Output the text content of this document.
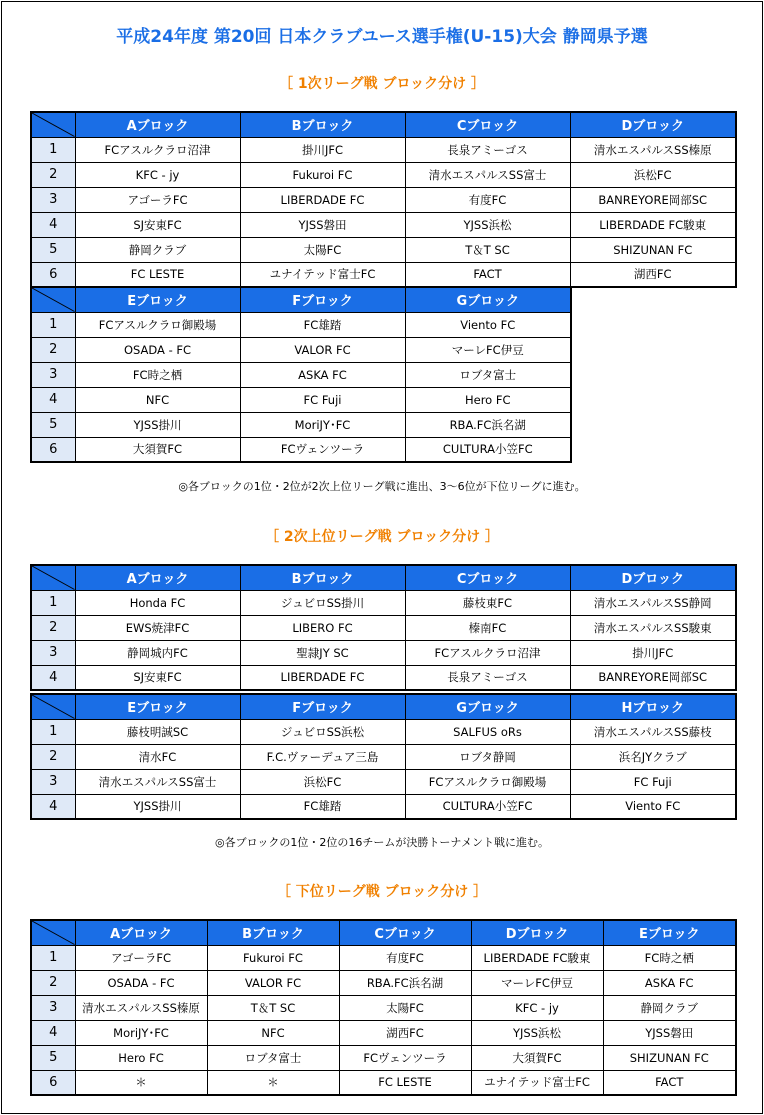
平成24年度 第20回 日本クラブユース選手権(U-15)大会 静岡県予選
［ 1次リーグ戦 ブロック分け ］
	Aブロック	Bブロック	Cブロック	Dブロック
1	FCアスルクラロ沼津	掛川JFC	長泉アミーゴス	清水エスパルスSS榛原
2	KFC - jy	Fukuroi FC	清水エスパルスSS富士	浜松FC
3	アゴーラFC	LIBERDADE FC	有度FC	BANREYORE岡部SC
4	SJ安東FC	YJSS磐田	YJSS浜松	LIBERDADE FC駿東
5	静岡クラブ	太陽FC	T＆T SC	SHIZUNAN FC
6	FC LESTE	ユナイテッド富士FC	FACT	湖西FC
	Eブロック	Fブロック	Gブロック
1	FCアスルクラロ御殿場	FC雄踏	Viento FC
2	OSADA - FC	VALOR FC	マーレFC伊豆
3	FC時之栖	ASKA FC	ロブタ富士
4	NFC	FC Fuji	Hero FC
5	YJSS掛川	MoriJY･FC	RBA.FC浜名湖
6	大須賀FC	FCヴェンツーラ	CULTURA小笠FC
◎各ブロックの1位・2位が2次上位リーグ戦に進出、3～6位が下位リーグに進む。
［ 2次上位リーグ戦 ブロック分け ］
	Aブロック	Bブロック	Cブロック	Dブロック
1	Honda FC	ジュビロSS掛川	藤枝東FC	清水エスパルスSS静岡
2	EWS焼津FC	LIBERO FC	榛南FC	清水エスパルスSS駿東
3	静岡城内FC	聖隷JY SC	FCアスルクラロ沼津	掛川JFC
4	SJ安東FC	LIBERDADE FC	長泉アミーゴス	BANREYORE岡部SC
	Eブロック	Fブロック	Gブロック	Hブロック
1	藤枝明誠SC	ジュビロSS浜松	SALFUS oRs	清水エスパルスSS藤枝
2	清水FC	F.C.ヴァーデュア三島	ロブタ静岡	浜名JYクラブ
3	清水エスパルスSS富士	浜松FC	FCアスルクラロ御殿場	FC Fuji
4	YJSS掛川	FC雄踏	CULTURA小笠FC	Viento FC
◎各ブロックの1位・2位の16チームが決勝トーナメント戦に進む。
［ 下位リーグ戦 ブロック分け ］
	Aブロック	Bブロック	Cブロック	Dブロック	Eブロック
1	アゴーラFC	Fukuroi FC	有度FC	LIBERDADE FC駿東	FC時之栖
2	OSADA - FC	VALOR FC	RBA.FC浜名湖	マーレFC伊豆	ASKA FC
3	清水エスパルスSS榛原	T＆T SC	太陽FC	KFC - jy	静岡クラブ
4	MoriJY･FC	NFC	湖西FC	YJSS浜松	YJSS磐田
5	Hero FC	ロブタ富士	FCヴェンツーラ	大須賀FC	SHIZUNAN FC
6	＊	＊	FC LESTE	ユナイテッド富士FC	FACT
